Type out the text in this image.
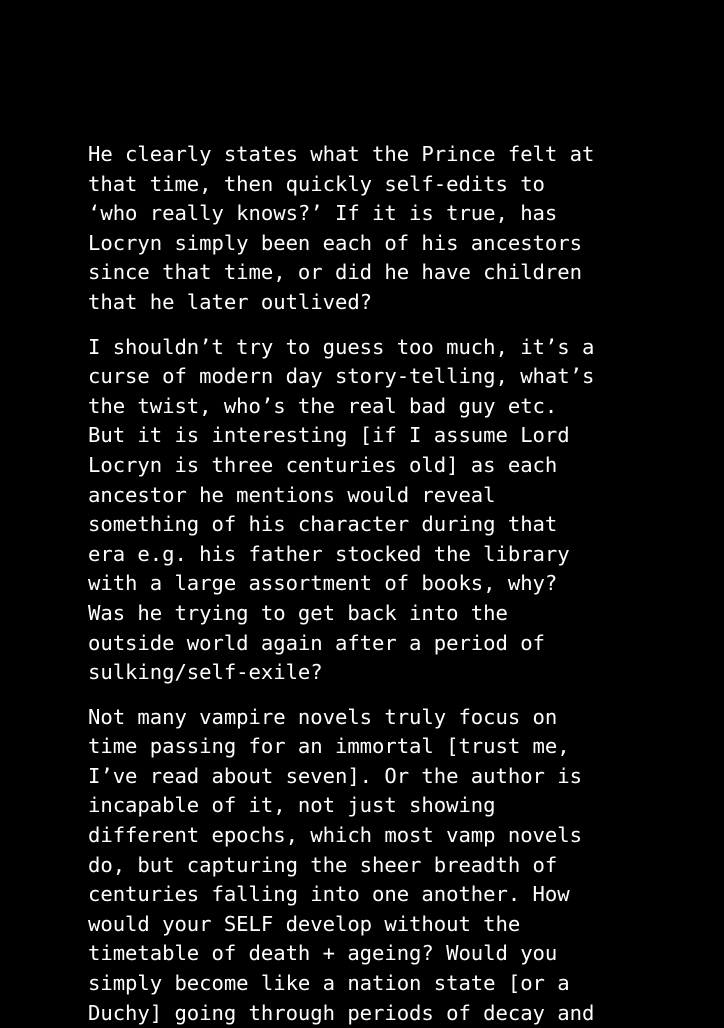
He clearly states what the Prince felt at
that time, then quickly self-edits to
‘who really knows?’ If it is true, has
Locryn simply been each of his ancestors
since that time, or did he have children
that he later outlived?

I shouldn’t try to guess too much, it’s a
curse of modern day story-telling, what’s
the twist, who’s the real bad guy etc.
But it is interesting [if I assume Lord
Locryn is three centuries old] as each
ancestor he mentions would reveal
something of his character during that
era e.g. his father stocked the library
with a large assortment of books, why?
Was he trying to get back into the
outside world again after a period of
sulking/self-exile?

Not many vampire novels truly focus on
time passing for an immortal [trust me,
I’ve read about seven]. Or the author is
incapable of it, not just showing
different epochs, which most vamp novels
do, but capturing the sheer breadth of
centuries falling into one another. How
would your SELF develop without the
timetable of death + ageing? Would you
simply become like a nation state [or a
Duchy] going through periods of decay and
